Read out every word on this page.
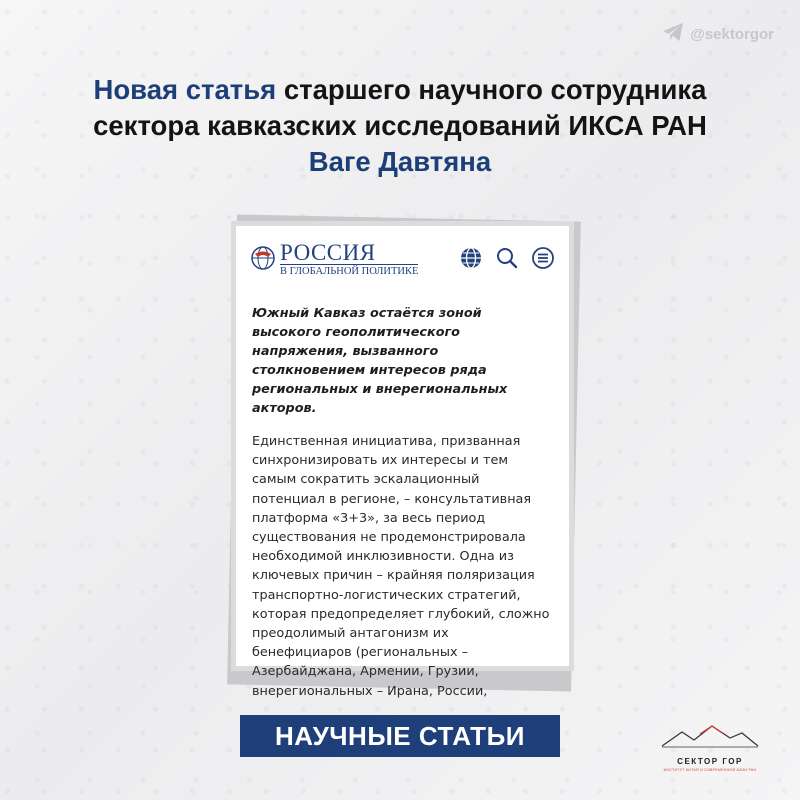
@sektorgor
Новая статья старшего научного сотрудника
сектора кавказских исследований ИКСА РАН
Ваге Давтяна
РОССИЯ
В ГЛОБАЛЬНОЙ ПОЛИТИКЕ

Южный Кавказ остаётся зоной высокого геополитического напряжения, вызванного столкновением интересов ряда региональных и внерегиональных акторов.

Единственная инициатива, призванная синхронизировать их интересы и тем самым сократить эскалационный потенциал в регионе, – консультативная платформа «3+3», за весь период существования не продемонстрировала необходимой инклюзивности. Одна из ключевых причин – крайняя поляризация транспортно-логистических стратегий, которая предопределяет глубокий, сложно преодолимый антагонизм их бенефициаров (региональных – Азербайджана, Армении, Грузии, внерегиональных – Ирана, России,

НАУЧНЫЕ СТАТЬИ
СЕКТОР ГОР
ИНСТИТУТ КИТАЯ И СОВРЕМЕННОЙ АЗИИ РАН
